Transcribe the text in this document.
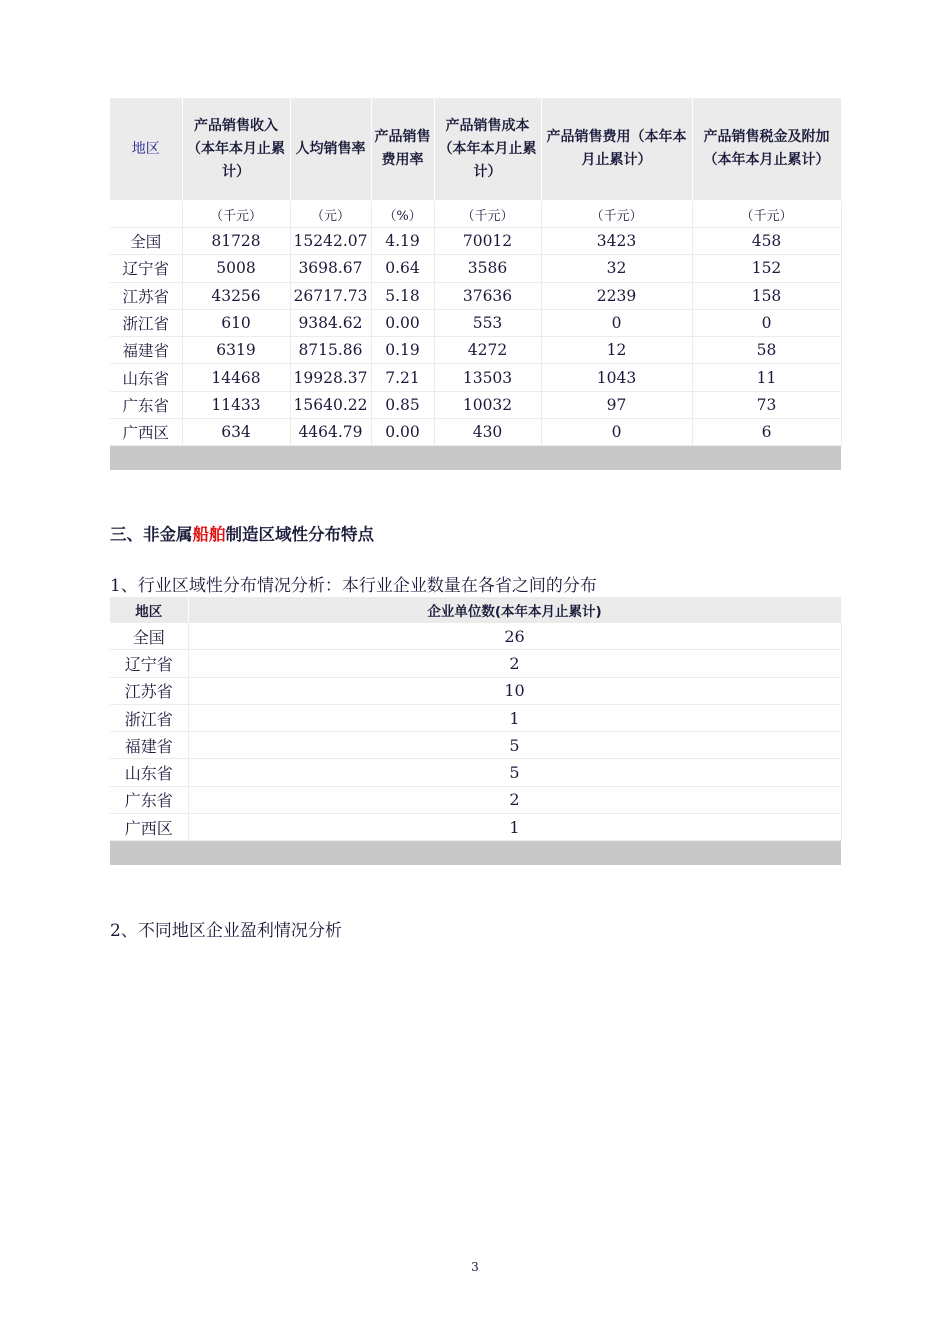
地区	产品销售收入（本年本月止累计）	人均销售率	产品销售费用率	产品销售成本（本年本月止累计）	产品销售费用（本年本月止累计）	产品销售税金及附加（本年本月止累计）
	（千元）	（元）	（%）	（千元）	（千元）	（千元）
全国	81728	15242.07	4.19	70012	3423	458
辽宁省	5008	3698.67	0.64	3586	32	152
江苏省	43256	26717.73	5.18	37636	2239	158
浙江省	610	9384.62	0.00	553	0	0
福建省	6319	8715.86	0.19	4272	12	58
山东省	14468	19928.37	7.21	13503	1043	11
广东省	11433	15640.22	0.85	10032	97	73
广西区	634	4464.79	0.00	430	0	6

三、非金属船舶制造区域性分布特点
1、行业区域性分布情况分析：本行业企业数量在各省之间的分布
地区	企业单位数(本年本月止累计)
全国	26
辽宁省	2
江苏省	10
浙江省	1
福建省	5
山东省	5
广东省	2
广西区	1

2、不同地区企业盈利情况分析
3
